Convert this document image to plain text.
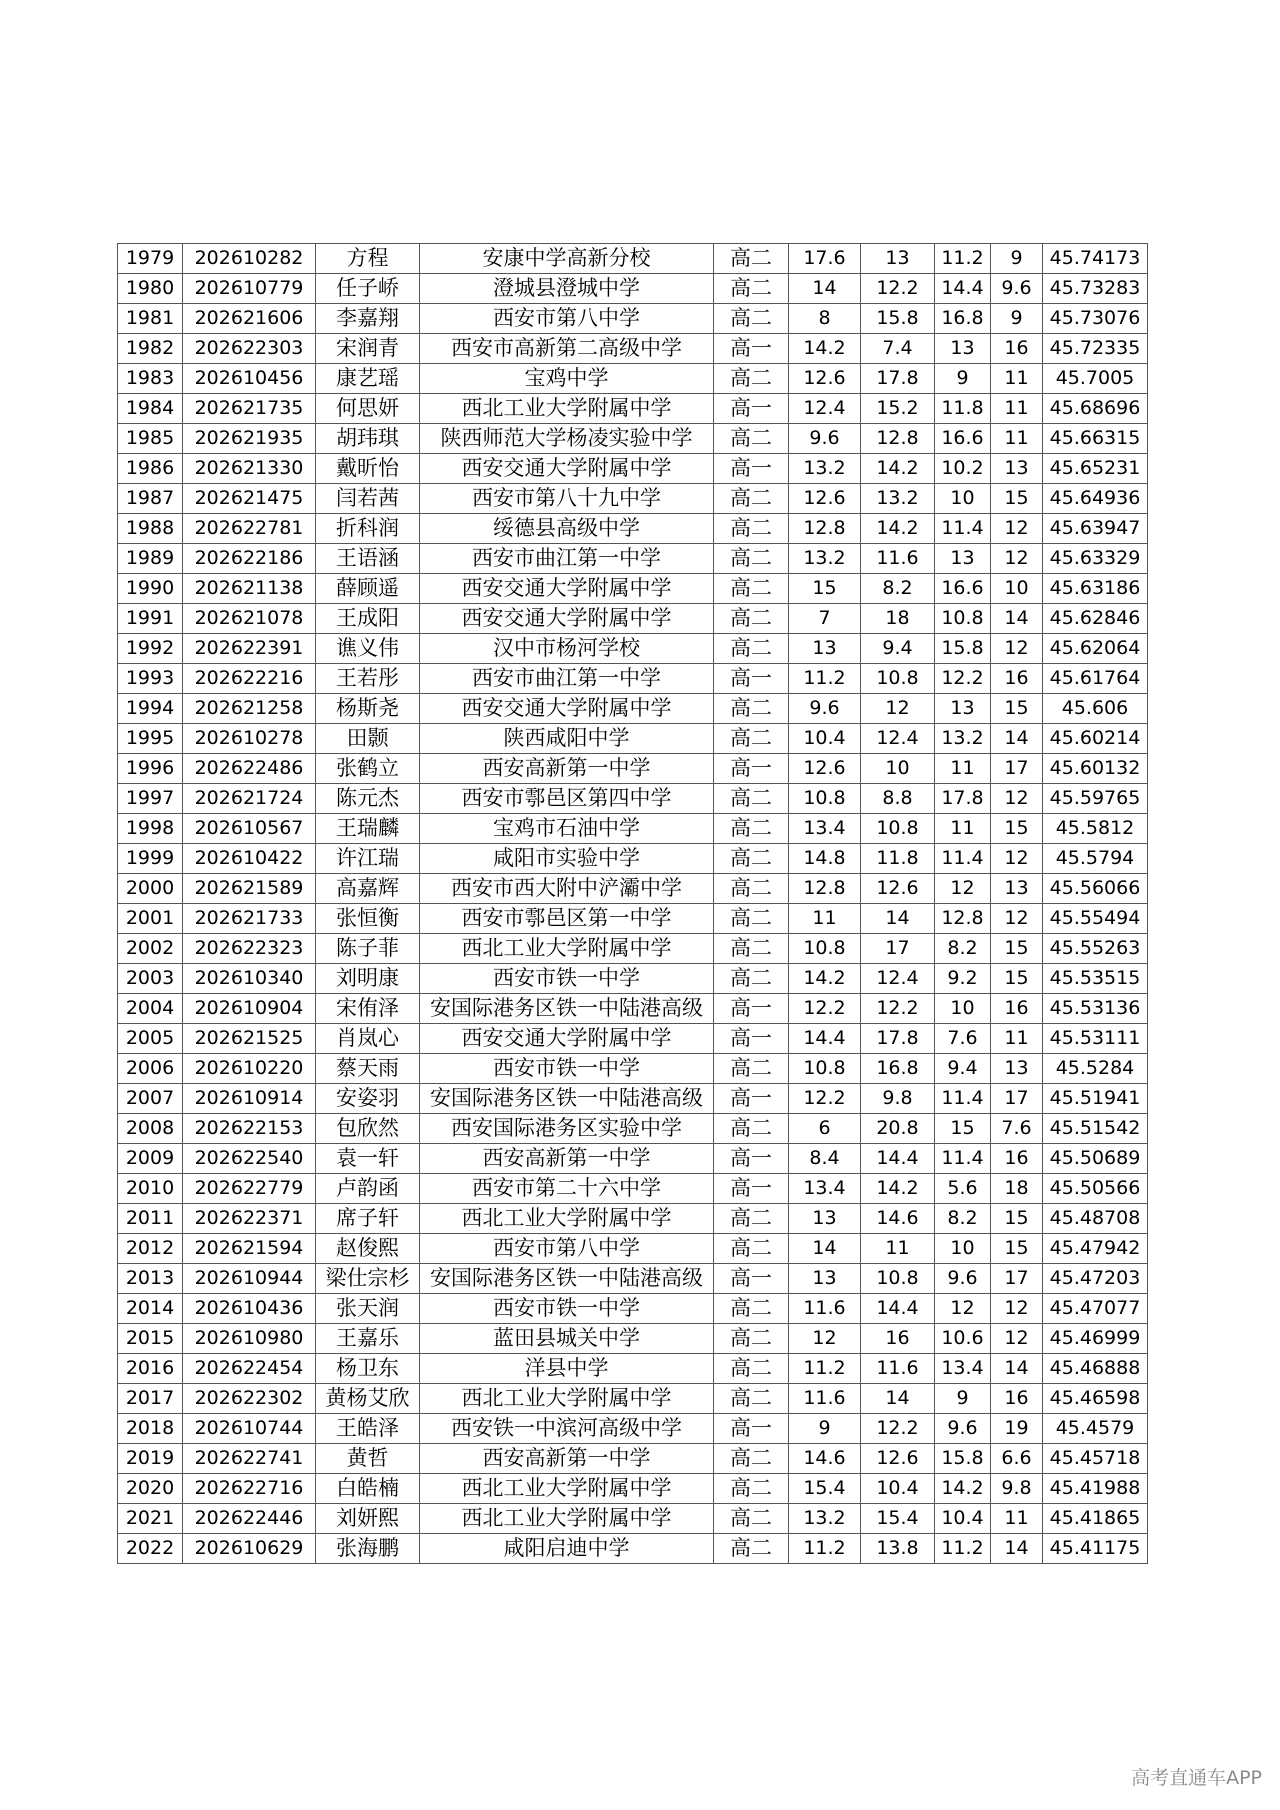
1979	202610282	方程	安康中学高新分校	高二	17.6	13	11.2	9	45.74173
1980	202610779	任子峤	澄城县澄城中学	高二	14	12.2	14.4	9.6	45.73283
1981	202621606	李嘉翔	西安市第八中学	高二	8	15.8	16.8	9	45.73076
1982	202622303	宋润青	西安市高新第二高级中学	高一	14.2	7.4	13	16	45.72335
1983	202610456	康艺瑶	宝鸡中学	高二	12.6	17.8	9	11	45.7005
1984	202621735	何思妍	西北工业大学附属中学	高一	12.4	15.2	11.8	11	45.68696
1985	202621935	胡玮琪	陕西师范大学杨凌实验中学	高二	9.6	12.8	16.6	11	45.66315
1986	202621330	戴昕怡	西安交通大学附属中学	高一	13.2	14.2	10.2	13	45.65231
1987	202621475	闫若茜	西安市第八十九中学	高二	12.6	13.2	10	15	45.64936
1988	202622781	折科润	绥德县高级中学	高二	12.8	14.2	11.4	12	45.63947
1989	202622186	王语涵	西安市曲江第一中学	高二	13.2	11.6	13	12	45.63329
1990	202621138	薛顾遥	西安交通大学附属中学	高二	15	8.2	16.6	10	45.63186
1991	202621078	王成阳	西安交通大学附属中学	高二	7	18	10.8	14	45.62846
1992	202622391	谯义伟	汉中市杨河学校	高二	13	9.4	15.8	12	45.62064
1993	202622216	王若彤	西安市曲江第一中学	高一	11.2	10.8	12.2	16	45.61764
1994	202621258	杨斯尧	西安交通大学附属中学	高二	9.6	12	13	15	45.606
1995	202610278	田颢	陕西咸阳中学	高二	10.4	12.4	13.2	14	45.60214
1996	202622486	张鹤立	西安高新第一中学	高一	12.6	10	11	17	45.60132
1997	202621724	陈元杰	西安市鄠邑区第四中学	高二	10.8	8.8	17.8	12	45.59765
1998	202610567	王瑞麟	宝鸡市石油中学	高二	13.4	10.8	11	15	45.5812
1999	202610422	许江瑞	咸阳市实验中学	高二	14.8	11.8	11.4	12	45.5794
2000	202621589	高嘉辉	西安市西大附中浐灞中学	高二	12.8	12.6	12	13	45.56066
2001	202621733	张恒衡	西安市鄠邑区第一中学	高二	11	14	12.8	12	45.55494
2002	202622323	陈子菲	西北工业大学附属中学	高二	10.8	17	8.2	15	45.55263
2003	202610340	刘明康	西安市铁一中学	高二	14.2	12.4	9.2	15	45.53515
2004	202610904	宋侑泽	安国际港务区铁一中陆港高级	高一	12.2	12.2	10	16	45.53136
2005	202621525	肖岚心	西安交通大学附属中学	高一	14.4	17.8	7.6	11	45.53111
2006	202610220	蔡天雨	西安市铁一中学	高二	10.8	16.8	9.4	13	45.5284
2007	202610914	安姿羽	安国际港务区铁一中陆港高级	高一	12.2	9.8	11.4	17	45.51941
2008	202622153	包欣然	西安国际港务区实验中学	高二	6	20.8	15	7.6	45.51542
2009	202622540	袁一轩	西安高新第一中学	高一	8.4	14.4	11.4	16	45.50689
2010	202622779	卢韵函	西安市第二十六中学	高一	13.4	14.2	5.6	18	45.50566
2011	202622371	席子轩	西北工业大学附属中学	高二	13	14.6	8.2	15	45.48708
2012	202621594	赵俊熙	西安市第八中学	高二	14	11	10	15	45.47942
2013	202610944	梁仕宗杉	安国际港务区铁一中陆港高级	高一	13	10.8	9.6	17	45.47203
2014	202610436	张天润	西安市铁一中学	高二	11.6	14.4	12	12	45.47077
2015	202610980	王嘉乐	蓝田县城关中学	高二	12	16	10.6	12	45.46999
2016	202622454	杨卫东	洋县中学	高二	11.2	11.6	13.4	14	45.46888
2017	202622302	黄杨艾欣	西北工业大学附属中学	高二	11.6	14	9	16	45.46598
2018	202610744	王皓泽	西安铁一中滨河高级中学	高一	9	12.2	9.6	19	45.4579
2019	202622741	黄哲	西安高新第一中学	高二	14.6	12.6	15.8	6.6	45.45718
2020	202622716	白皓楠	西北工业大学附属中学	高二	15.4	10.4	14.2	9.8	45.41988
2021	202622446	刘妍熙	西北工业大学附属中学	高二	13.2	15.4	10.4	11	45.41865
2022	202610629	张海鹏	咸阳启迪中学	高二	11.2	13.8	11.2	14	45.41175
高考直通车APP
